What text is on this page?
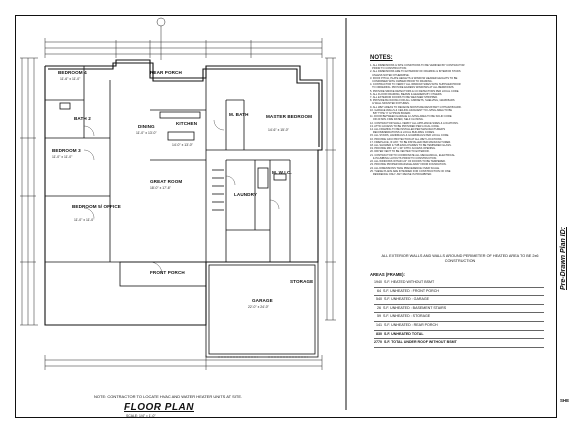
BEDROOM 4
11'-6" x 11'-0"
REAR PORCH
BATH 2
DINING
11'-0" x 13'-0"
KITCHEN
14'-0" x 13'-0"
M. BATH	MASTER BEDROOM
14'-6" x 15'-0"
BEDROOM 3
11'-0" x 11'-0"
GREAT ROOM
18'-0" x 17'-6"
M. W.I.C.
LAUNDRY
BEDROOM 5/ OFFICE
11'-0" x 11'-0"
FRONT PORCH
GARAGE
22'-0" x 24'-0"
STORAGE
NOTE: CONTRACTOR TO LOCATE HVAC AND WATER HEATER UNITS AT SITE.
FLOOR PLAN
SCALE: 1/4" = 1'-0"
NOTES:
1. ALL DIMENSIONS & SITE CONDITIONS TO BE VERIFIED BY CONTRACTOR
PRIOR TO CONSTRUCTION.
2. ALL DIMENSIONS ARE TO EXTERIOR OF FRAMING & INTERIOR STUDS
UNLESS NOTED OTHERWISE.
3. ROOF PITCH, PLATE HEIGHTS & WINDOW HEADER HEIGHTS TO BE
CONFIRMED WITH OWNER PRIOR TO FRAMING.
4. CONTRACTOR TO VERIFY ALL WINDOW SIZES WITH SUPPLIER PRIOR
TO ORDERING. PROVIDE EGRESS WINDOWS AT ALL BEDROOMS.
5. PROVIDE SMOKE DETECTORS & CO DETECTORS PER LOCAL CODE.
6. ALL FLOOR FRAMING, BEAMS & HEADERS BY OTHERS.
7. ALL EXTERIOR DOORS TO BE WEATHER STRIPPED.
8. PROVIDE BLOCKING FOR ALL CABINETS, SHELVING, GRAB BARS
& WALL MOUNTED FIXTURES.
9. ALL WET AREAS TO RECEIVE MOISTURE RESISTANT GYPSUM BOARD.
10. GARAGE WALLS & CEILING ADJACENT TO LIVING AREA TO BE
5/8" TYPE 'X' GYPSUM BOARD.
11. DOOR BETWEEN GARAGE & LIVING AREA TO BE SOLID CORE
OR 20 MIN. FIRE RATED, SELF CLOSING.
12. CONTRACTOR SHALL VERIFY ALL APPLIANCE SIZES & LOCATIONS.
13. ATTIC ACCESS TO BE PROVIDED PER LOCAL CODE.
14. ALL FRAMING TO BE INSTALLED PER MANUFACTURER'S
RECOMMENDATIONS & LOCAL BUILDING CODES.
15. ALL STAIRS, HANDRAILS & GUARDRAILS PER LOCAL CODE.
16. PROVIDE GFCI PROTECTION AT ALL WET LOCATIONS.
17. FIREPLACE, IF ANY, TO BE INSTALLED PER MANUFACTURER.
18. ALL SHOWER & TUB ENCLOSURES TO BE TEMPERED GLASS.
19. PROVIDE MIN. 22" x 30" ATTIC ACCESS OPENING.
20. DRYER VENT TO BE VENTED TO EXTERIOR.
21. CONTRACTOR TO COORDINATE ALL MECHANICAL, ELECTRICAL
& PLUMBING LAYOUTS PRIOR TO CONSTRUCTION.
22. ALL WINDOWS WITHIN 24" OF DOORS TO BE TEMPERED.
23. PROVIDE PROPER DRAINAGE AWAY FROM FOUNDATION.
24. ALL DIMENSIONS TAKE PRECEDENCE OVER SCALE.
25. THESE PLANS ARE INTENDED FOR CONSTRUCTION OF ONE
RESIDENCE ONLY. ANY REUSE IS PROHIBITED.
ALL EXTERIOR WALLS AND WALLS AROUND PERIMETER OF HEATED AREA TO BE 2x6 CONSTRUCTION
AREAS (FRAME):
1940  S.F. HEATED WITHOUT BSMT
64  S.F. UNHEATED : FRONT PORCH
540  S.F. UNHEATED : GARAGE
26  S.F. UNHEATED : BASEMENT STAIRS
59  S.F. UNHEATED : STORAGE
141  S.F. UNHEATED : REAR PORCH
830  S.F. UNHEATED TOTAL
2770  S.F. TOTAL UNDER ROOF WITHOUT BSMT
Pre-Drawn Plan ID:
SHE
